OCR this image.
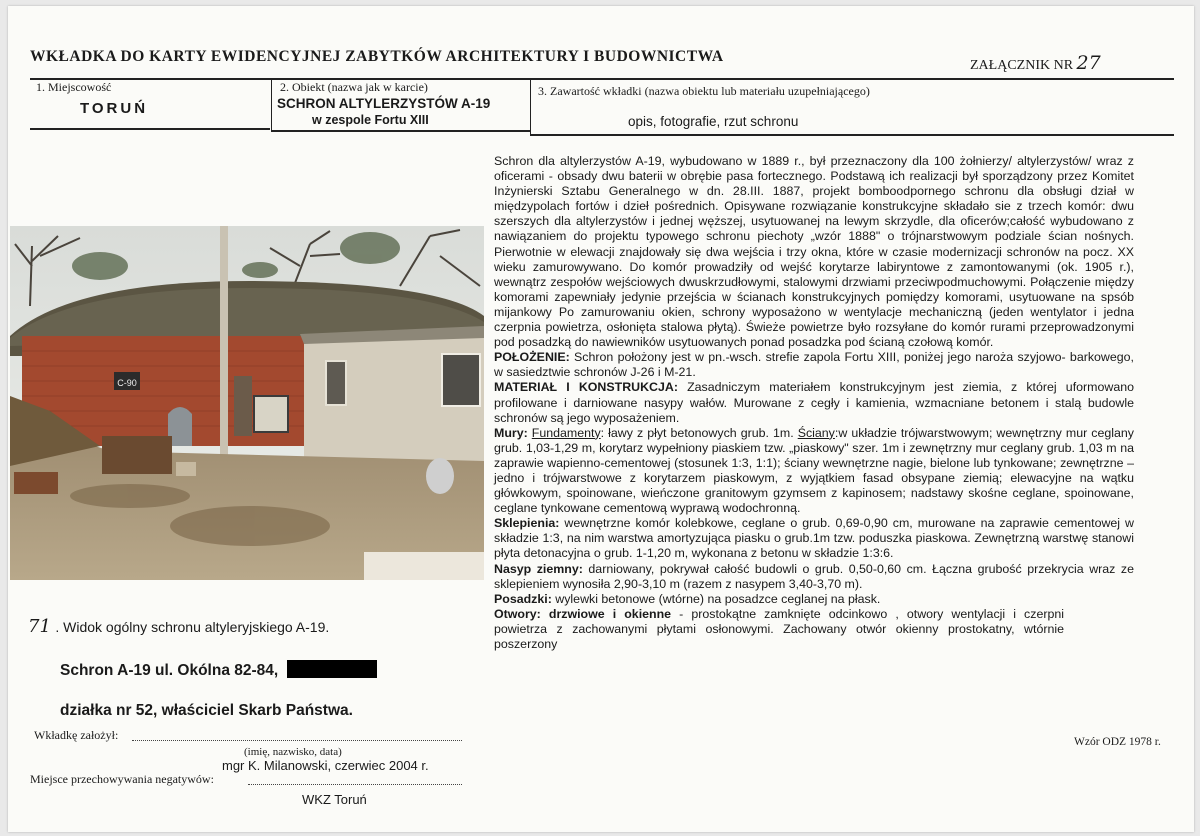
WKŁADKA DO KARTY EWIDENCYJNEJ ZABYTKÓW ARCHITEKTURY I BUDOWNICTWA
ZAŁĄCZNIK NR 27
1. Miejscowość
TORUŃ
2. Obiekt (nazwa jak w karcie)
SCHRON ALTYLERZYSTÓW A-19
w zespole Fortu XIII
3. Zawartość wkładki (nazwa obiektu lub materiału uzupełniającego)
opis, fotografie, rzut schronu
C-90
71 . Widok ogólny schronu altyleryjskiego A-19.
Schron A-19 ul. Okólna 82-84,
działka nr 52, właściciel Skarb Państwa.
Wkładkę założył:
(imię, nazwisko, data)
mgr K. Milanowski, czerwiec 2004 r.
Miejsce przechowywania negatywów:
WKZ Toruń
Wzór ODZ 1978 r.

Schron dla altylerzystów A-19, wybudowano w 1889 r., był przeznaczony dla 100 żołnierzy/ altylerzystów/ wraz z oficerami - obsady dwu baterii w obrębie pasa fortecznego. Podstawą ich realizacji był sporządzony przez Komitet Inżynierski Sztabu Generalnego w dn. 28.III. 1887, projekt bomboodpornego schronu dla obsługi dział w międzypolach fortów i dzieł pośrednich. Opisywane rozwiązanie konstrukcyjne składało sie z trzech komór: dwu szerszych dla altylerzystów i jednej węższej, usytuowanej na lewym skrzydle, dla oficerów;całość wybudowano z nawiązaniem do projektu typowego schronu piechoty „wzór 1888" o trójnarstwowym podziale ścian nośnych. Pierwotnie w elewacji znajdowały się dwa wejścia i trzy okna, które w czasie modernizacji schronów na pocz. XX wieku zamurowywano. Do komór prowadziły od wejść korytarze labiryntowe z zamontowanymi (ok. 1905 r.), wewnątrz zespołów wejściowych dwuskrzudłowymi, stalowymi drzwiami przeciwpodmuchowymi. Połączenie między komorami zapewniały jedynie przejścia w ścianach konstrukcyjnych pomiędzy komorami, usytuowane na spsób mijankowy Po zamurowaniu okien, schrony wyposażono w wentylacje mechaniczną (jeden wentylator i jedna czerpnia powietrza, osłonięta stalowa płytą). Świeże powietrze było rozsyłane do komór rurami przeprowadzonymi pod posadzką do nawiewników usytuowanych ponad posadzka pod ścianą czołową komór.

POŁOŻENIE: Schron położony jest w pn.-wsch. strefie zapola Fortu XIII, poniżej jego naroża szyjowo- barkowego, w sasiedztwie schronów J-26 i M-21.

MATERIAŁ I KONSTRUKCJA: Zasadniczym materiałem konstrukcyjnym jest ziemia, z której uformowano profilowane i darniowane nasypy wałów. Murowane z cegły i kamienia, wzmacniane betonem i stalą budowle schronów są jego wyposażeniem.

Mury: Fundamenty: ławy z płyt betonowych grub. 1m. Ściany:w układzie trójwarstwowym; wewnętrzny mur ceglany grub. 1,03-1,29 m, korytarz wypełniony piaskiem tzw. „piaskowy" szer. 1m i zewnętrzny mur ceglany grub. 1,03 m na zaprawie wapienno-cementowej (stosunek 1:3, 1:1); ściany wewnętrzne nagie, bielone lub tynkowane; zewnętrzne – jedno i trójwarstwowe z korytarzem piaskowym, z wyjątkiem fasad obsypane ziemią; elewacyjne na wątku główkowym, spoinowane, wieńczone granitowym gzymsem z kapinosem; nadstawy skośne ceglane, spoinowane, ceglane tynkowane cementową wyprawą wodochronną.

Sklepienia: wewnętrzne komór kolebkowe, ceglane o grub. 0,69-0,90 cm, murowane na zaprawie cementowej w składzie 1:3, na nim warstwa amortyzująca piasku o grub.1m tzw. poduszka piaskowa. Zewnętrzną warstwę stanowi płyta detonacyjna o grub. 1-1,20 m, wykonana z betonu w składzie 1:3:6.

Nasyp ziemny: darniowany, pokrywał całość budowli o grub. 0,50-0,60 cm. Łączna grubość przekrycia wraz ze sklepieniem wynosiła 2,90-3,10 m (razem z nasypem 3,40-3,70 m).

Posadzki: wylewki betonowe (wtórne) na posadzce ceglanej na płask.

Otwory: drzwiowe i okienne - prostokątne zamknięte odcinkowo , otwory wentylacji i czerpni powietrza z zachowanymi płytami osłonowymi. Zachowany otwór okienny prostokatny, wtórnie poszerzony
